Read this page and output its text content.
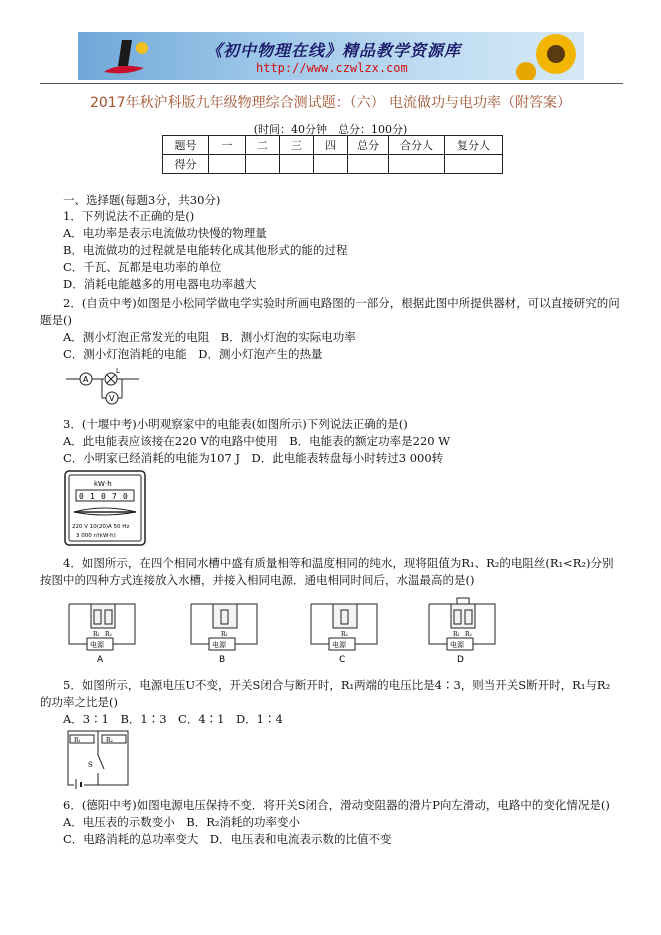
《初中物理在线》精品教学资源库
http://www.czwlzx.com
2017年秋沪科版九年级物理综合测试题：（六） 电流做功与电功率（附答案）
(时间：40分钟　总分：100分)
题号	一	二	三	四	总分	合分人	复分人
得分							
一、选择题(每题3分，共30分)
1．下列说法不正确的是()
A．电功率是表示电流做功快慢的物理量
B．电流做功的过程就是电能转化成其他形式的能的过程
C．千瓦、瓦都是电功率的单位
D．消耗电能越多的用电器电功率越大
2．(自贡中考)如图是小松同学做电学实验时所画电路图的一部分，根据此图中所提供器材，可以直接研究的问
题是()
A．测小灯泡正常发光的电阻　B．测小灯泡的实际电功率
C．测小灯泡消耗的电能　D．测小灯泡产生的热量
A
L
V
3．(十堰中考)小明观察家中的电能表(如图所示)下列说法正确的是()
A．此电能表应该接在220 V的电路中使用　B．电能表的额定功率是220 W
C．小明家已经消耗的电能为107 J　D．此电能表转盘每小时转过3 000转
kW·h
0 1 0 7 0
220 V 10(20)A 50 Hz
3 000 r/(kW·h)
4．如图所示，在四个相同水槽中盛有质量相等和温度相同的纯水，现将阻值为R₁、R₂的电阻丝(R₁<R₂)分别
按图中的四种方式连接放入水槽，并接入相同电源．通电相同时间后，水温最高的是()
电源
R₁ R₂
A
电源
R₁
B
电源
R₂
C
电源
R₁ R₂
D
5．如图所示，电源电压U不变，开关S闭合与断开时，R₁两端的电压比是4∶3，则当开关S断开时，R₁与R₂
的功率之比是()
A．3∶1　B．1∶3　C．4∶1　D．1∶4
R₁	R₂
S
6．(德阳中考)如图电源电压保持不变．将开关S闭合，滑动变阻器的滑片P向左滑动，电路中的变化情况是()
A．电压表的示数变小　B．R₂消耗的功率变小
C．电路消耗的总功率变大　D．电压表和电流表示数的比值不变
